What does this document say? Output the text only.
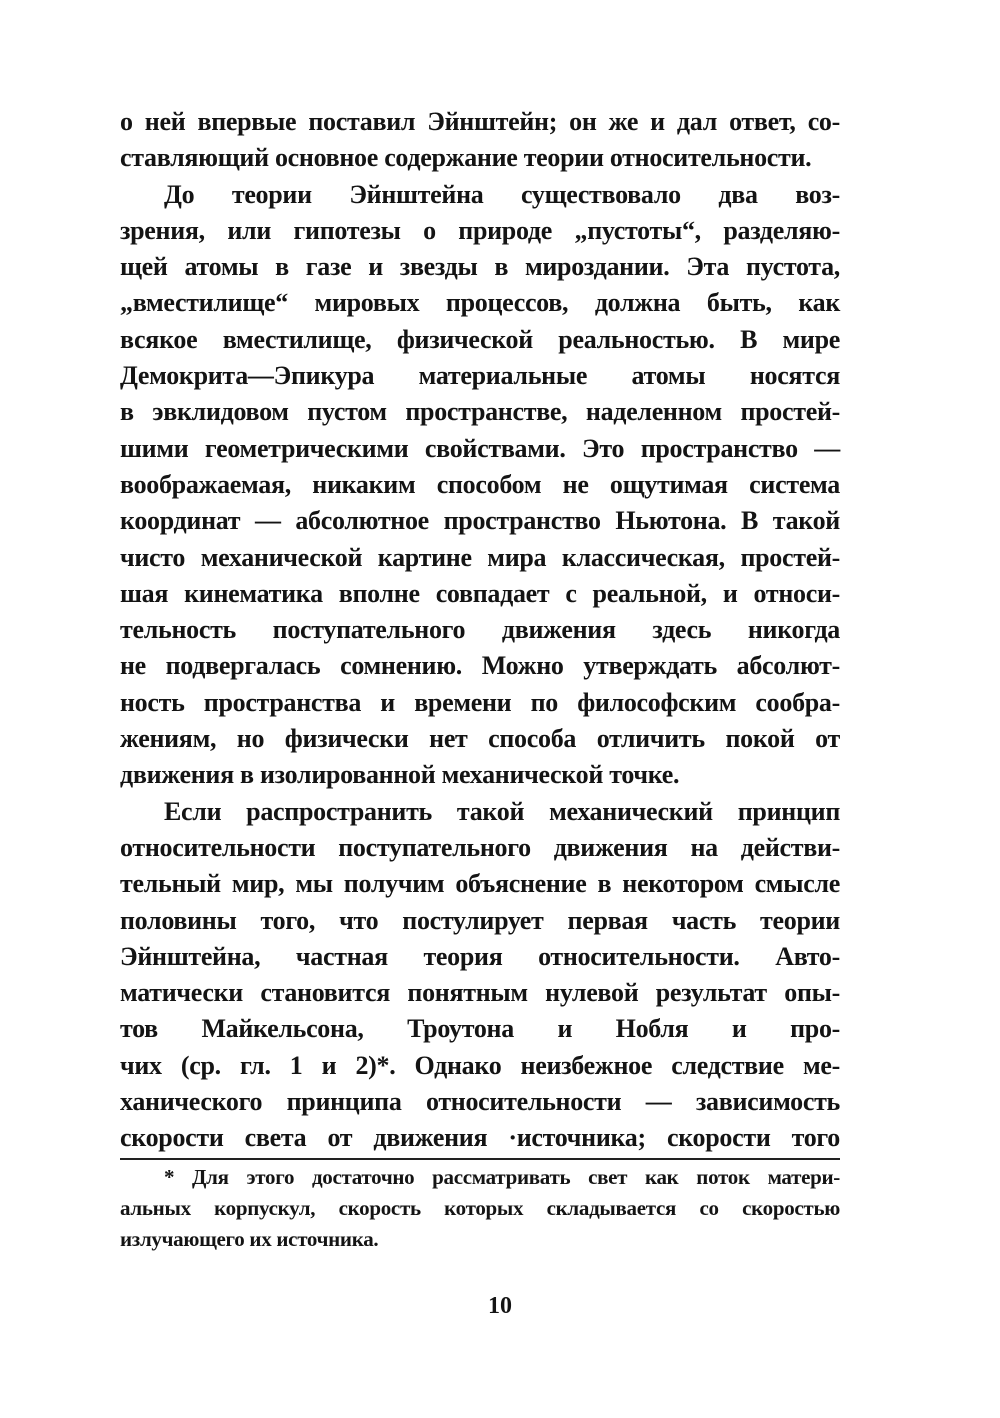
о ней впервые поставил Эйнштейн; он же и дал ответ, со-
ставляющий основное содержание теории относительности.
До теории Эйнштейна существовало два воз-
зрения, или гипотезы о природе „пустоты“, разделяю-
щей атомы в газе и звезды в мироздании. Эта пустота,
„вместилище“ мировых процессов, должна быть, как
всякое вместилище, физической реальностью. В мире
Демокрита—Эпикура материальные атомы носятся
в эвклидовом пустом пространстве, наделенном простей-
шими геометрическими свойствами. Это пространство —
воображаемая, никаким способом не ощутимая система
координат — абсолютное пространство Ньютона. В такой
чисто механической картине мира классическая, простей-
шая кинематика вполне совпадает с реальной, и относи-
тельность поступательного движения здесь никогда
не подвергалась сомнению. Можно утверждать абсолют-
ность пространства и времени по философским сообра-
жениям, но физически нет способа отличить покой от
движения в изолированной механической точке.
Если распространить такой механический принцип
относительности поступательного движения на действи-
тельный мир, мы получим объяснение в некотором смысле
половины того, что постулирует первая часть теории
Эйнштейна, частная теория относительности. Авто-
матически становится понятным нулевой результат опы-
тов Майкельсона, Троутона и Нобля и про-
чих (ср. гл. 1 и 2)*. Однако неизбежное следствие ме-
ханического принципа относительности — зависимость
скорости света от движения ·источника; скорости того
* Для этого достаточно рассматривать свет как поток матери-
альных корпускул, скорость которых складывается со скоростью
излучающего их источника.
10
